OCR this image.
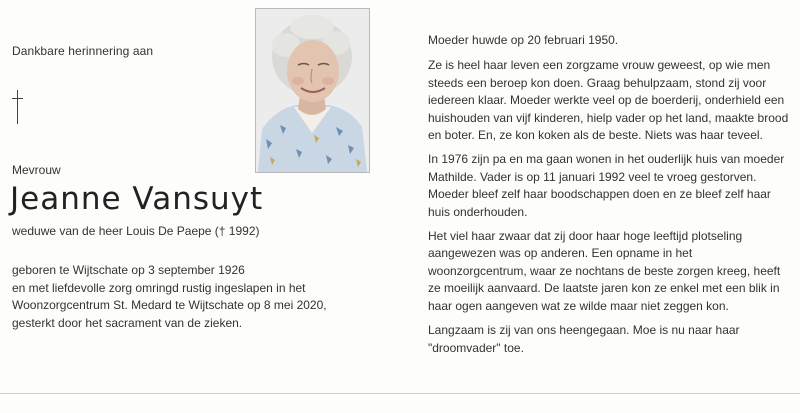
Dankbare herinnering aan
Mevrouw
Jeanne Vansuyt
weduwe van de heer Louis De Paepe († 1992)

geboren te Wijtschate op 3 september 1926

en met liefdevolle zorg omringd rustig ingeslapen in het

Woonzorgcentrum St. Medard te Wijtschate op 8 mei 2020,

gesterkt door het sacrament van de zieken.

Moeder huwde op 20 februari 1950.

Ze is heel haar leven een zorgzame vrouw geweest, op wie men steeds een beroep kon doen. Graag behulpzaam, stond zij voor iedereen klaar. Moeder werkte veel op de boerderij, onderhield een huishouden van vijf kinderen, hielp vader op het land, maakte brood en boter. En, ze kon koken als de beste. Niets was haar teveel.

In 1976 zijn pa en ma gaan wonen in het ouderlijk huis van moeder Mathilde. Vader is op 11 januari 1992 veel te vroeg gestorven. Moeder bleef zelf haar boodschappen doen en ze bleef zelf haar huis onderhouden.

Het viel haar zwaar dat zij door haar hoge leeftijd plotseling aangewezen was op anderen. Een opname in het woonzorgcentrum, waar ze nochtans de beste zorgen kreeg, heeft ze moeilijk aanvaard. De laatste jaren kon ze enkel met een blik in haar ogen aangeven wat ze wilde maar niet zeggen kon.

Langzaam is zij van ons heengegaan. Moe is nu naar haar "droomvader" toe.
